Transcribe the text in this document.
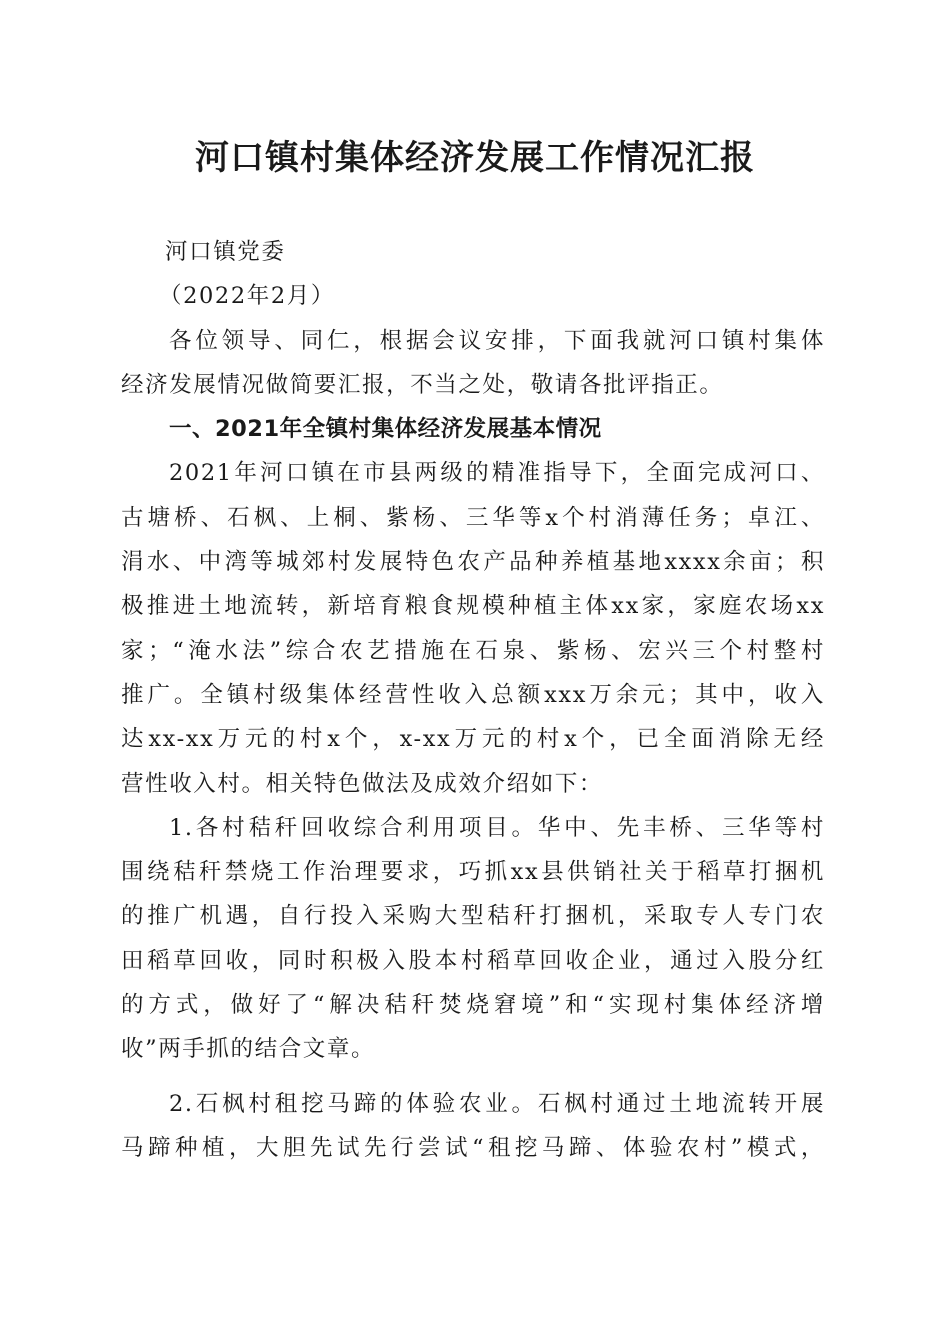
河口镇村集体经济发展工作情况汇报
河口镇党委
（2022年2月）
各位领导、同仁，根据会议安排，下面我就河口镇村集体
经济发展情况做简要汇报，不当之处，敬请各批评指正。
一、2021年全镇村集体经济发展基本情况
2021年河口镇在市县两级的精准指导下，全面完成河口、
古塘桥、石枫、上桐、紫杨、三华等x个村消薄任务；卓江、
涓水、中湾等城郊村发展特色农产品种养植基地xxxx余亩；积
极推进土地流转，新培育粮食规模种植主体xx家，家庭农场xx
家；“淹水法”综合农艺措施在石泉、紫杨、宏兴三个村整村
推广。全镇村级集体经营性收入总额xxx万余元；其中，收入
达xx-xx万元的村x个，x-xx万元的村x个，已全面消除无经
营性收入村。相关特色做法及成效介绍如下：
1.各村秸秆回收综合利用项目。华中、先丰桥、三华等村
围绕秸秆禁烧工作治理要求，巧抓xx县供销社关于稻草打捆机
的推广机遇，自行投入采购大型秸秆打捆机，采取专人专门农
田稻草回收，同时积极入股本村稻草回收企业，通过入股分红
的方式，做好了“解决秸秆焚烧窘境”和“实现村集体经济增
收”两手抓的结合文章。
2.石枫村租挖马蹄的体验农业。石枫村通过土地流转开展
马蹄种植，大胆先试先行尝试“租挖马蹄、体验农村”模式，
